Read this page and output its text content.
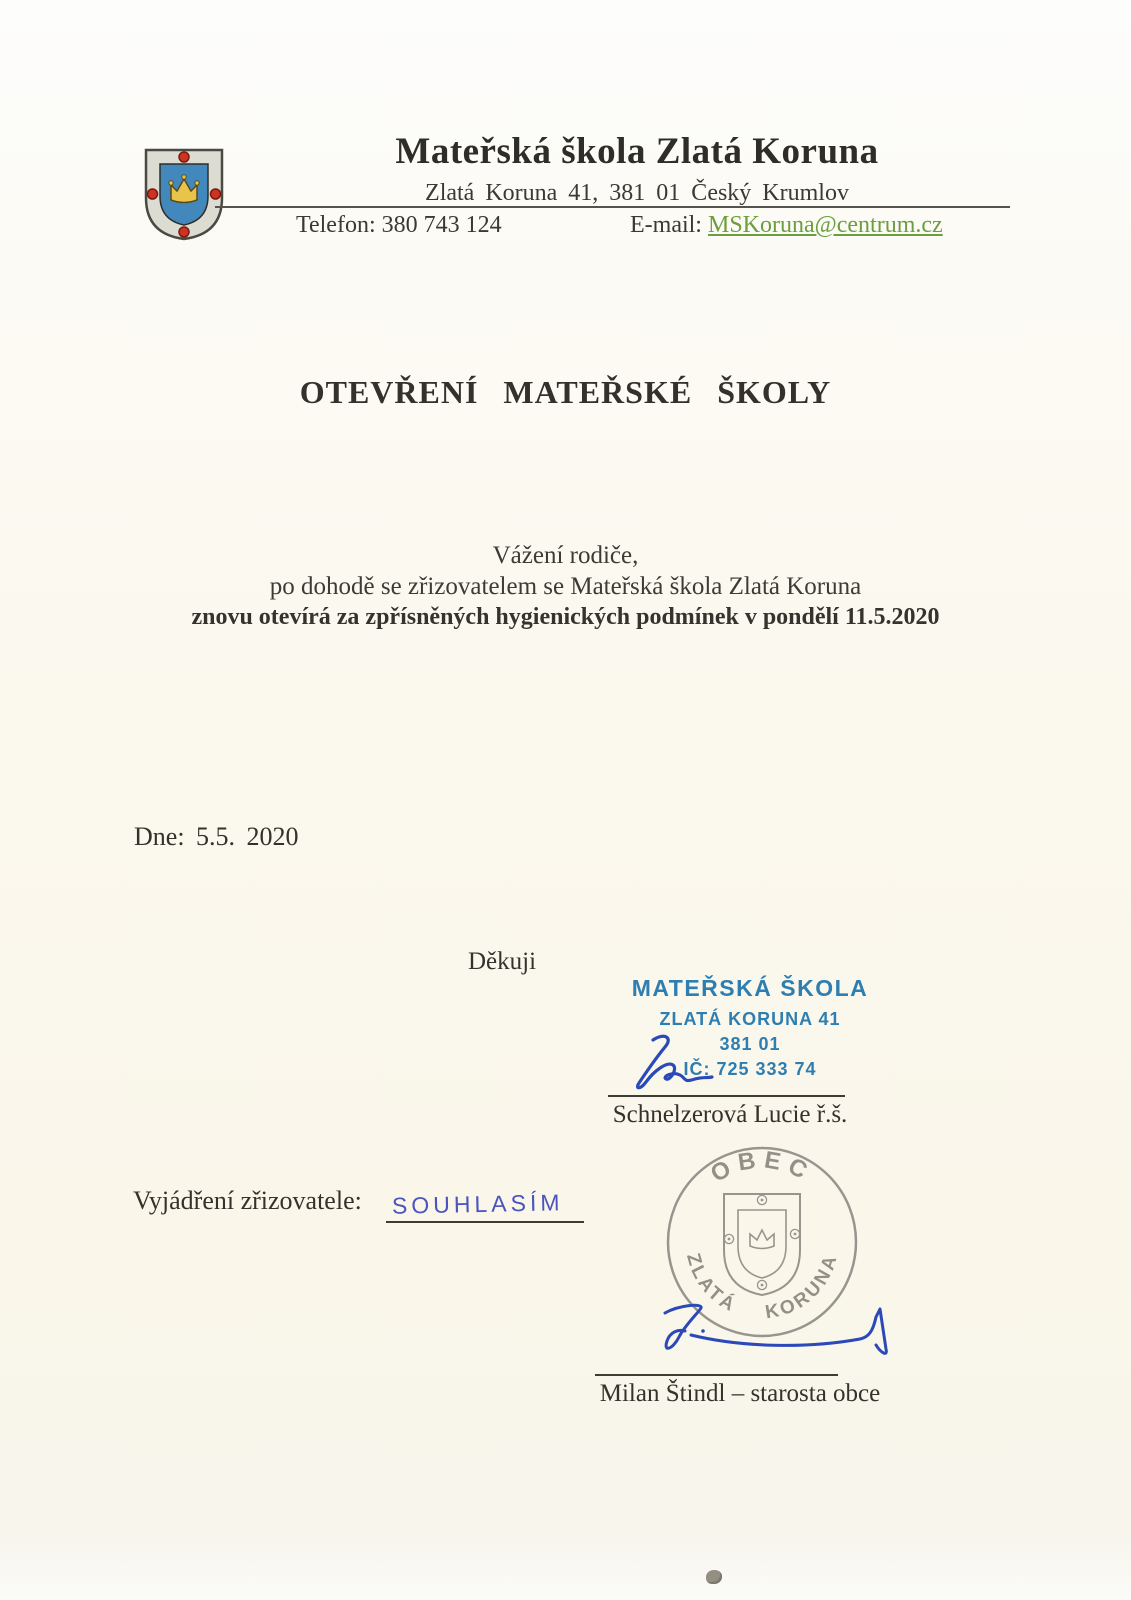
Mateřská škola Zlatá Koruna
Zlatá Koruna 41, 381 01 Český Krumlov
Telefon: 380 743 124	E-mail: MSKoruna@centrum.cz
OTEVŘENÍ MATEŘSKÉ ŠKOLY
Vážení rodiče,
po dohodě se zřizovatelem se Mateřská škola Zlatá Koruna
znovu otevírá za zpřísněných hygienických podmínek v pondělí 11.5.2020
Dne: 5.5. 2020
Děkuji
MATEŘSKÁ ŠKOLA
ZLATÁ KORUNA 41
381 01
IČ: 725 333 74
Schnelzerová Lucie ř.š.
Vyjádření zřizovatele: SOUHLASÍM
OBEC
ZLATÁ KORUNA
Milan Štindl – starosta obce
